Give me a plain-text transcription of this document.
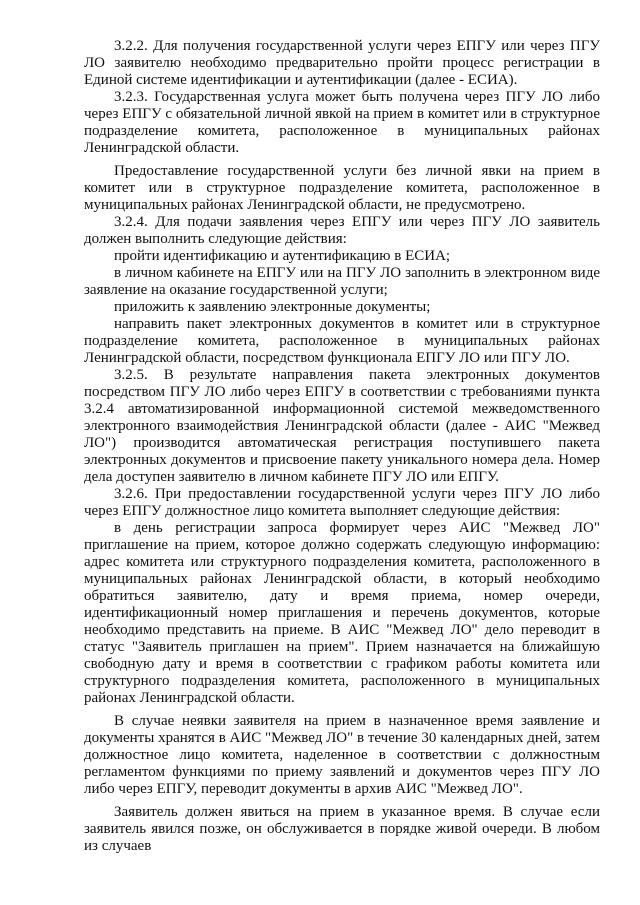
3.2.2. Для получения государственной услуги через ЕПГУ или через ПГУ ЛО заявителю необходимо предварительно пройти процесс регистрации в Единой системе идентификации и аутентификации (далее - ЕСИА).

3.2.3. Государственная услуга может быть получена через ПГУ ЛО либо через ЕПГУ с обязательной личной явкой на прием в комитет или в структурное подразделение комитета, расположенное в муниципальных районах Ленинградской области.

Предоставление государственной услуги без личной явки на прием в комитет или в структурное подразделение комитета, расположенное в муниципальных районах Ленинградской области, не предусмотрено.

3.2.4. Для подачи заявления через ЕПГУ или через ПГУ ЛО заявитель должен выполнить следующие действия:

пройти идентификацию и аутентификацию в ЕСИА;

в личном кабинете на ЕПГУ или на ПГУ ЛО заполнить в электронном виде заявление на оказание государственной услуги;

приложить к заявлению электронные документы;

направить пакет электронных документов в комитет или в структурное подразделение комитета, расположенное в муниципальных районах Ленинградской области, посредством функционала ЕПГУ ЛО или ПГУ ЛО.

3.2.5. В результате направления пакета электронных документов посредством ПГУ ЛО либо через ЕПГУ в соответствии с требованиями пункта 3.2.4 автоматизированной информационной системой межведомственного электронного взаимодействия Ленинградской области (далее - АИС "Межвед ЛО") производится автоматическая регистрация поступившего пакета электронных документов и присвоение пакету уникального номера дела. Номер дела доступен заявителю в личном кабинете ПГУ ЛО или ЕПГУ.

3.2.6. При предоставлении государственной услуги через ПГУ ЛО либо через ЕПГУ должностное лицо комитета выполняет следующие действия:

в день регистрации запроса формирует через АИС "Межвед ЛО" приглашение на прием, которое должно содержать следующую информацию: адрес комитета или структурного подразделения комитета, расположенного в муниципальных районах Ленинградской области, в который необходимо обратиться заявителю, дату и время приема, номер очереди, идентификационный номер приглашения и перечень документов, которые необходимо представить на приеме. В АИС "Межвед ЛО" дело переводит в статус "Заявитель приглашен на прием". Прием назначается на ближайшую свободную дату и время в соответствии с графиком работы комитета или структурного подразделения комитета, расположенного в муниципальных районах Ленинградской области.

В случае неявки заявителя на прием в назначенное время заявление и документы хранятся в АИС "Межвед ЛО" в течение 30 календарных дней, затем должностное лицо комитета, наделенное в соответствии с должностным регламентом функциями по приему заявлений и документов через ПГУ ЛО либо через ЕПГУ, переводит документы в архив АИС "Межвед ЛО".

Заявитель должен явиться на прием в указанное время. В случае если заявитель явился позже, он обслуживается в порядке живой очереди. В любом из случаев
